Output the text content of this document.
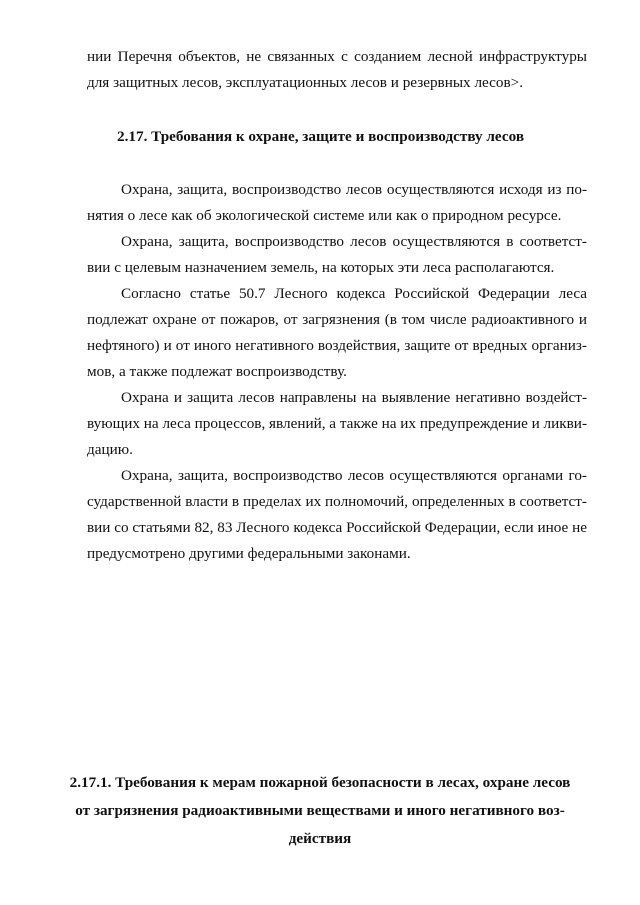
нии Перечня объектов, не связанных с созданием лесной инфраструктуры
для защитных лесов, эксплуатационных лесов и резервных лесов>.
2.17. Требования к охране, защите и воспроизводству лесов
Охрана, защита, воспроизводство лесов осуществляются исходя из по-
нятия о лесе как об экологической системе или как о природном ресурсе.
Охрана, защита, воспроизводство лесов осуществляются в соответст-
вии с целевым назначением земель, на которых эти леса располагаются.
Согласно статье 50.7 Лесного кодекса Российской Федерации леса
подлежат охране от пожаров, от загрязнения (в том числе радиоактивного и
нефтяного) и от иного негативного воздействия, защите от вредных организ-
мов, а также подлежат воспроизводству.
Охрана и защита лесов направлены на выявление негативно воздейст-
вующих на леса процессов, явлений, а также на их предупреждение и ликви-
дацию.
Охрана, защита, воспроизводство лесов осуществляются органами го-
сударственной власти в пределах их полномочий, определенных в соответст-
вии со статьями 82, 83 Лесного кодекса Российской Федерации, если иное не
предусмотрено другими федеральными законами.
2.17.1. Требования к мерам пожарной безопасности в лесах, охране лесов
от загрязнения радиоактивными веществами и иного негативного воз-
действия
